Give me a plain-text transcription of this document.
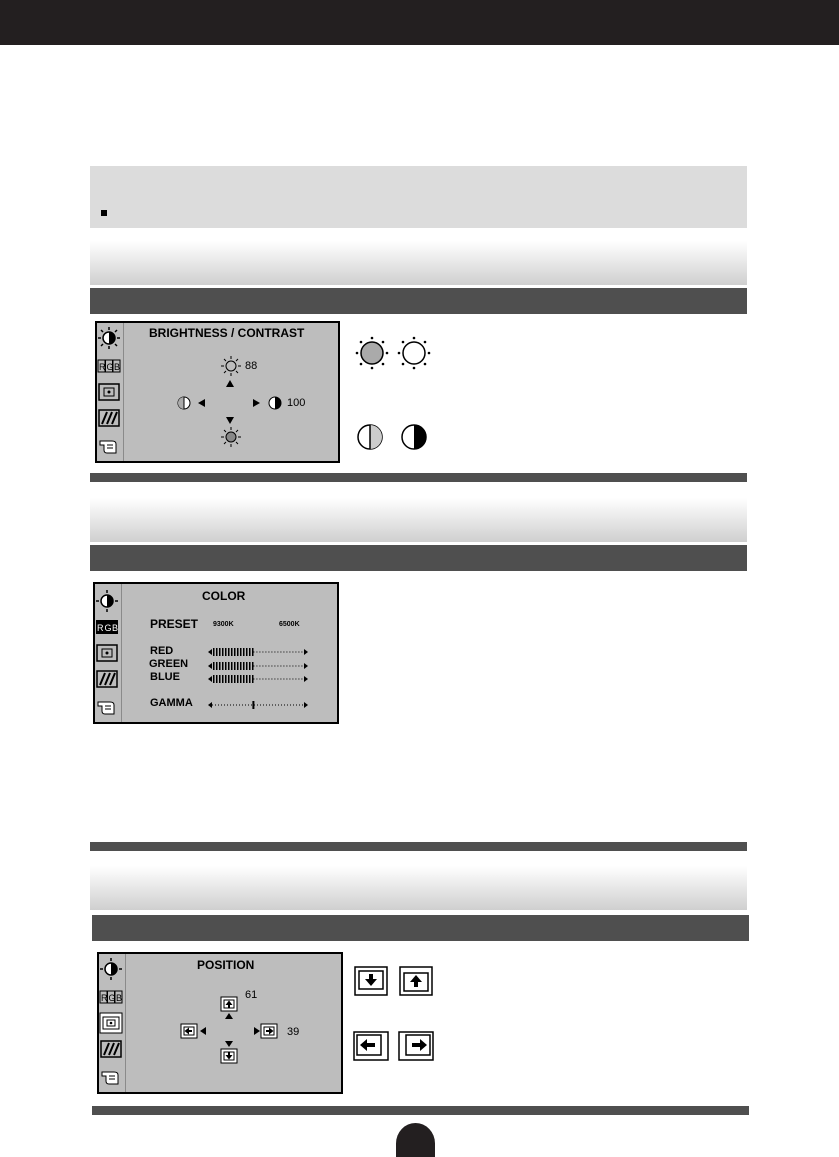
R G B
BRIGHTNESS / CONTRAST
88
100
R G B
COLOR
PRESET 9300K	6500K
RED
GREEN
BLUE
GAMMA
R G B
POSITION
61
39
